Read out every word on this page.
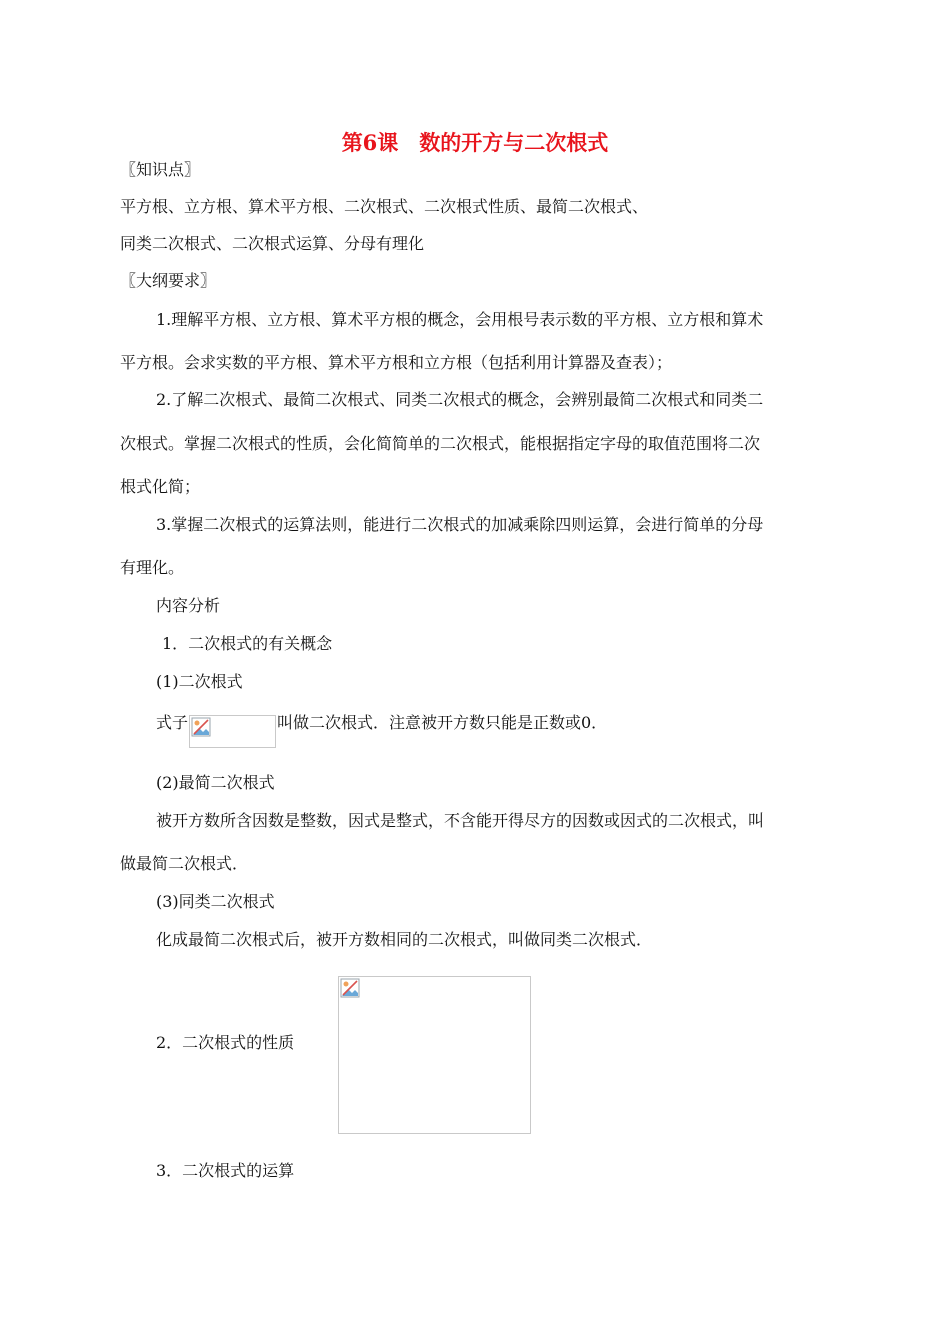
第6课　数的开方与二次根式
〖知识点〗
平方根、立方根、算术平方根、二次根式、二次根式性质、最简二次根式、
同类二次根式、二次根式运算、分母有理化
〖大纲要求〗
1.理解平方根、立方根、算术平方根的概念，会用根号表示数的平方根、立方根和算术
平方根。会求实数的平方根、算术平方根和立方根（包括利用计算器及查表）；
2.了解二次根式、最简二次根式、同类二次根式的概念，会辨别最简二次根式和同类二
次根式。掌握二次根式的性质，会化简简单的二次根式，能根据指定字母的取值范围将二次
根式化简；
3.掌握二次根式的运算法则，能进行二次根式的加减乘除四则运算，会进行简单的分母
有理化。
内容分析
1．二次根式的有关概念
(1)二次根式
式子	叫做二次根式．注意被开方数只能是正数或0．
(2)最简二次根式
被开方数所含因数是整数，因式是整式，不含能开得尽方的因数或因式的二次根式，叫
做最简二次根式．
(3)同类二次根式
化成最简二次根式后，被开方数相同的二次根式，叫做同类二次根式．
2．二次根式的性质
3．二次根式的运算
